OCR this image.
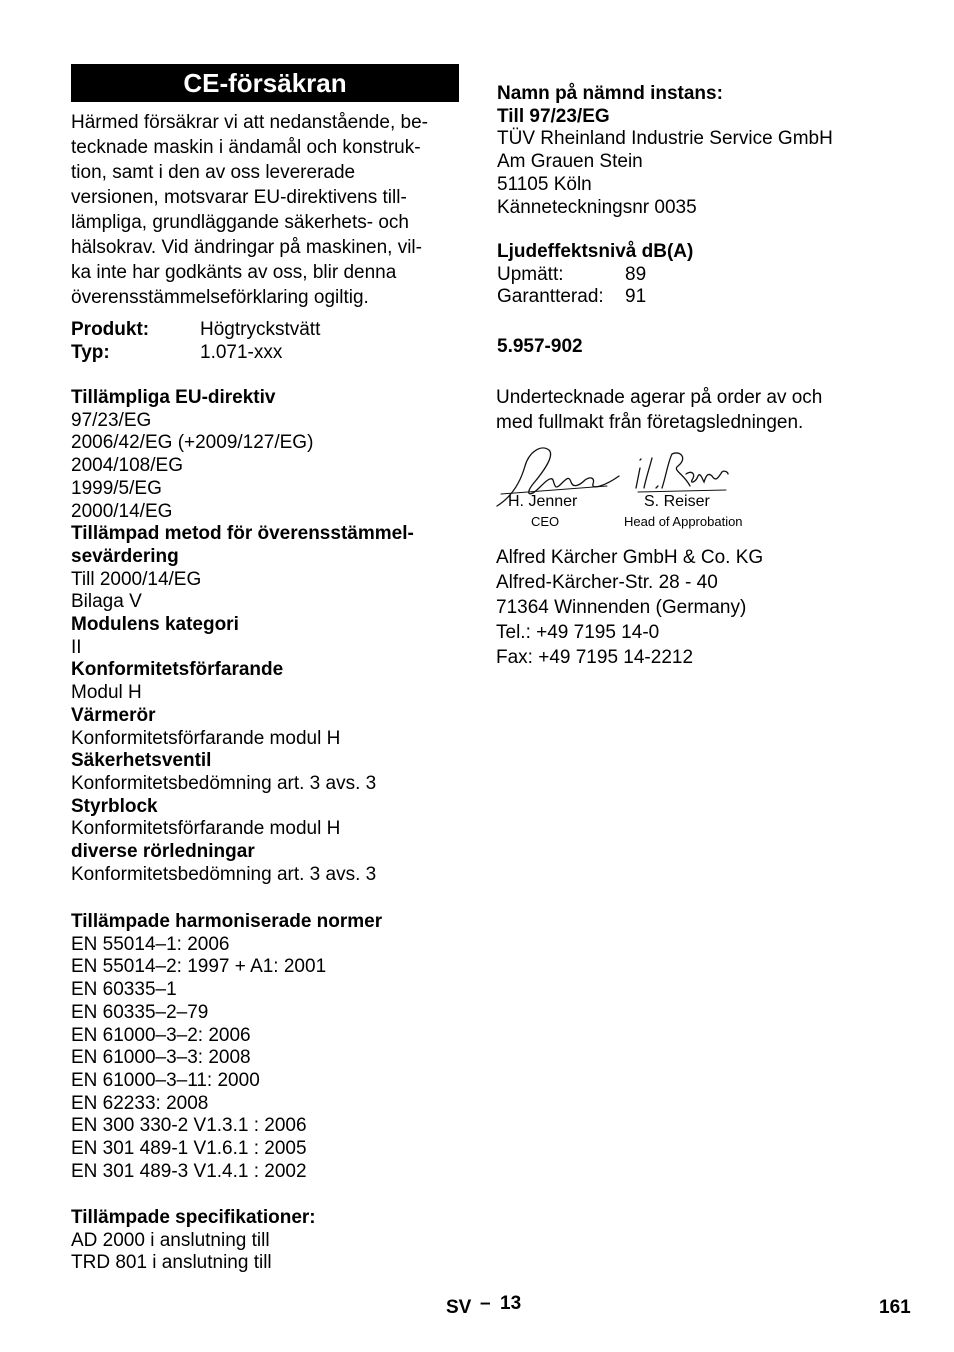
CE-försäkran
Härmed försäkrar vi att nedanstående, be-
tecknade maskin i ändamål och konstruk-
tion, samt i den av oss levererade
versionen, motsvarar EU-direktivens till-
lämpliga, grundläggande säkerhets- och
hälsokrav. Vid ändringar på maskinen, vil-
ka inte har godkänts av oss, blir denna
överensstämmelseförklaring ogiltig.
Produkt:	Högtryckstvätt
Typ:	1.071-xxx
Tillämpliga EU-direktiv
97/23/EG
2006/42/EG (+2009/127/EG)
2004/108/EG
1999/5/EG
2000/14/EG
Tillämpad metod för överensstämmel-
sevärdering
Till 2000/14/EG
Bilaga V
Modulens kategori
II
Konformitetsförfarande
Modul H
Värmerör
Konformitetsförfarande modul H
Säkerhetsventil
Konformitetsbedömning art. 3 avs. 3
Styrblock
Konformitetsförfarande modul H
diverse rörledningar
Konformitetsbedömning art. 3 avs. 3
Tillämpade harmoniserade normer
EN 55014–1: 2006
EN 55014–2: 1997 + A1: 2001
EN 60335–1
EN 60335–2–79
EN 61000–3–2: 2006
EN 61000–3–3: 2008
EN 61000–3–11: 2000
EN 62233: 2008
EN 300 330-2 V1.3.1 : 2006
EN 301 489-1 V1.6.1 : 2005
EN 301 489-3 V1.4.1 : 2002
Tillämpade specifikationer:
AD 2000 i anslutning till
TRD 801 i anslutning till
Namn på nämnd instans:
Till 97/23/EG
TÜV Rheinland Industrie Service GmbH
Am Grauen Stein
51105 Köln
Känneteckningsnr 0035
Ljudeffektsnivå dB(A)
Upmätt:	89
Garantterad:	91
5.957-902
Undertecknade agerar på order av och
med fullmakt från företagsledningen.
H. Jenner
CEO
S. Reiser
Head of Approbation
Alfred Kärcher GmbH & Co. KG
Alfred-Kärcher-Str. 28 - 40
71364 Winnenden (Germany)
Tel.: +49 7195 14-0
Fax: +49 7195 14-2212
SV – 13	161
